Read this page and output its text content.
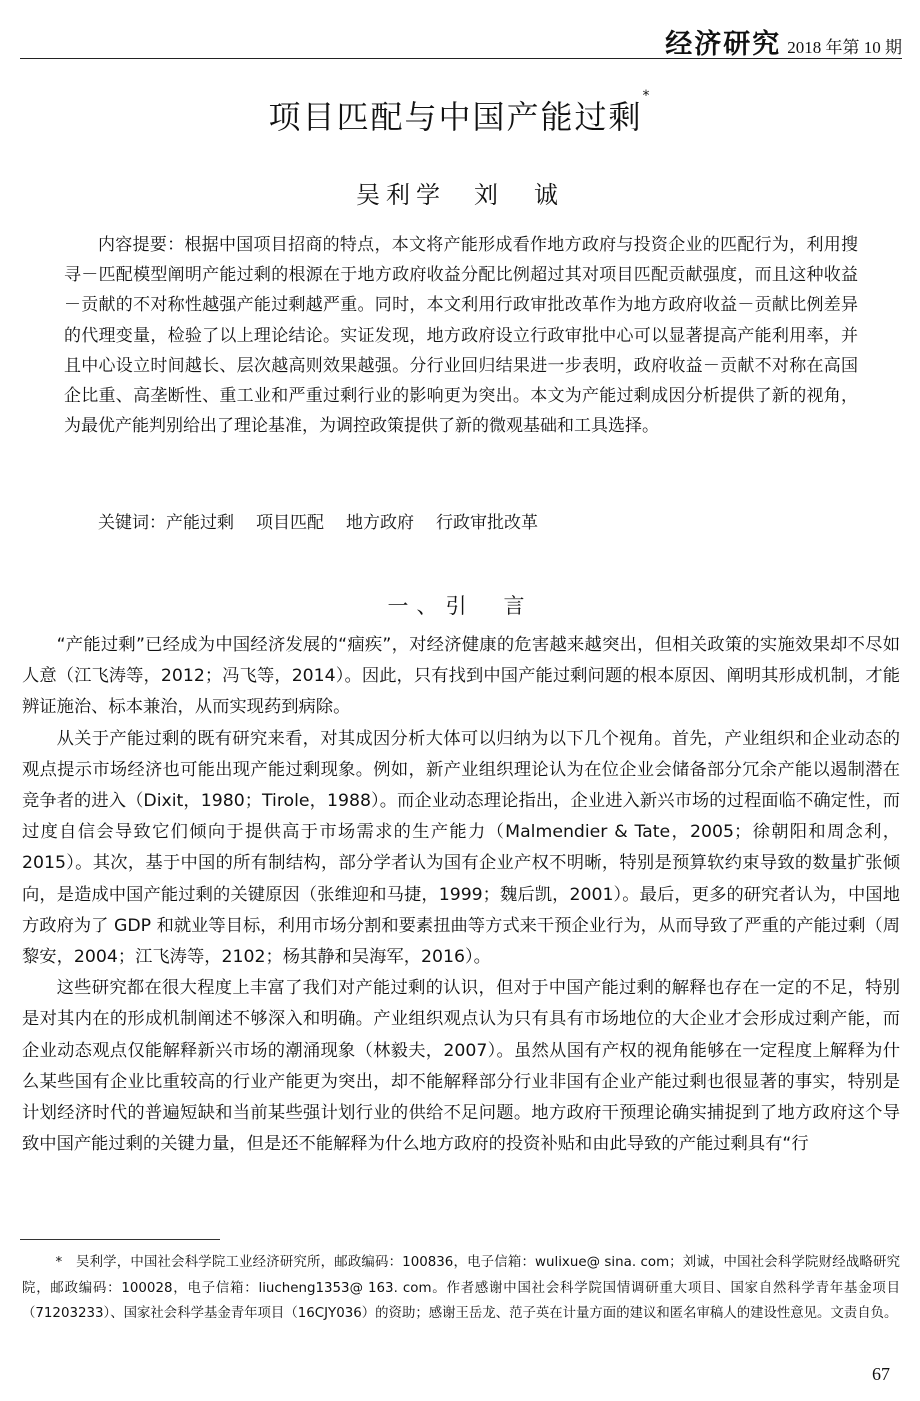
经济研究 2018 年第 10 期
项目匹配与中国产能过剩*
吴利学 刘　诚

内容提要：根据中国项目招商的特点，本文将产能形成看作地方政府与投资企业的匹配行为，利用搜寻－匹配模型阐明产能过剩的根源在于地方政府收益分配比例超过其对项目匹配贡献强度，而且这种收益－贡献的不对称性越强产能过剩越严重。同时，本文利用行政审批改革作为地方政府收益－贡献比例差异的代理变量，检验了以上理论结论。实证发现，地方政府设立行政审批中心可以显著提高产能利用率，并且中心设立时间越长、层次越高则效果越强。分行业回归结果进一步表明，政府收益－贡献不对称在高国企比重、高垄断性、重工业和严重过剩行业的影响更为突出。本文为产能过剩成因分析提供了新的视角，为最优产能判别给出了理论基准，为调控政策提供了新的微观基础和工具选择。

关键词：产能过剩 项目匹配 地方政府 行政审批改革

一、引　言

“产能过剩”已经成为中国经济发展的“痼疾”，对经济健康的危害越来越突出，但相关政策的实施效果却不尽如人意（江飞涛等，2012；冯飞等，2014）。因此，只有找到中国产能过剩问题的根本原因、阐明其形成机制，才能辨证施治、标本兼治，从而实现药到病除。

从关于产能过剩的既有研究来看，对其成因分析大体可以归纳为以下几个视角。首先，产业组织和企业动态的观点提示市场经济也可能出现产能过剩现象。例如，新产业组织理论认为在位企业会储备部分冗余产能以遏制潜在竞争者的进入（Dixit，1980；Tirole，1988）。而企业动态理论指出，企业进入新兴市场的过程面临不确定性，而过度自信会导致它们倾向于提供高于市场需求的生产能力（Malmendier & Tate，2005；徐朝阳和周念利，2015）。其次，基于中国的所有制结构，部分学者认为国有企业产权不明晰，特别是预算软约束导致的数量扩张倾向，是造成中国产能过剩的关键原因（张维迎和马捷，1999；魏后凯，2001）。最后，更多的研究者认为，中国地方政府为了 GDP 和就业等目标，利用市场分割和要素扭曲等方式来干预企业行为，从而导致了严重的产能过剩（周黎安，2004；江飞涛等，2102；杨其静和吴海军，2016）。

这些研究都在很大程度上丰富了我们对产能过剩的认识，但对于中国产能过剩的解释也存在一定的不足，特别是对其内在的形成机制阐述不够深入和明确。产业组织观点认为只有具有市场地位的大企业才会形成过剩产能，而企业动态观点仅能解释新兴市场的潮涌现象（林毅夫，2007）。虽然从国有产权的视角能够在一定程度上解释为什么某些国有企业比重较高的行业产能更为突出，却不能解释部分行业非国有企业产能过剩也很显著的事实，特别是计划经济时代的普遍短缺和当前某些强计划行业的供给不足问题。地方政府干预理论确实捕捉到了地方政府这个导致中国产能过剩的关键力量，但是还不能解释为什么地方政府的投资补贴和由此导致的产能过剩具有“行

*　吴利学，中国社会科学院工业经济研究所，邮政编码：100836，电子信箱：wulixue@ sina. com；刘诚，中国社会科学院财经战略研究院，邮政编码：100028，电子信箱：liucheng1353@ 163. com。作者感谢中国社会科学院国情调研重大项目、国家自然科学青年基金项目（71203233）、国家社会科学基金青年项目（16CJY036）的资助；感谢王岳龙、范子英在计量方面的建议和匿名审稿人的建设性意见。文责自负。

67
